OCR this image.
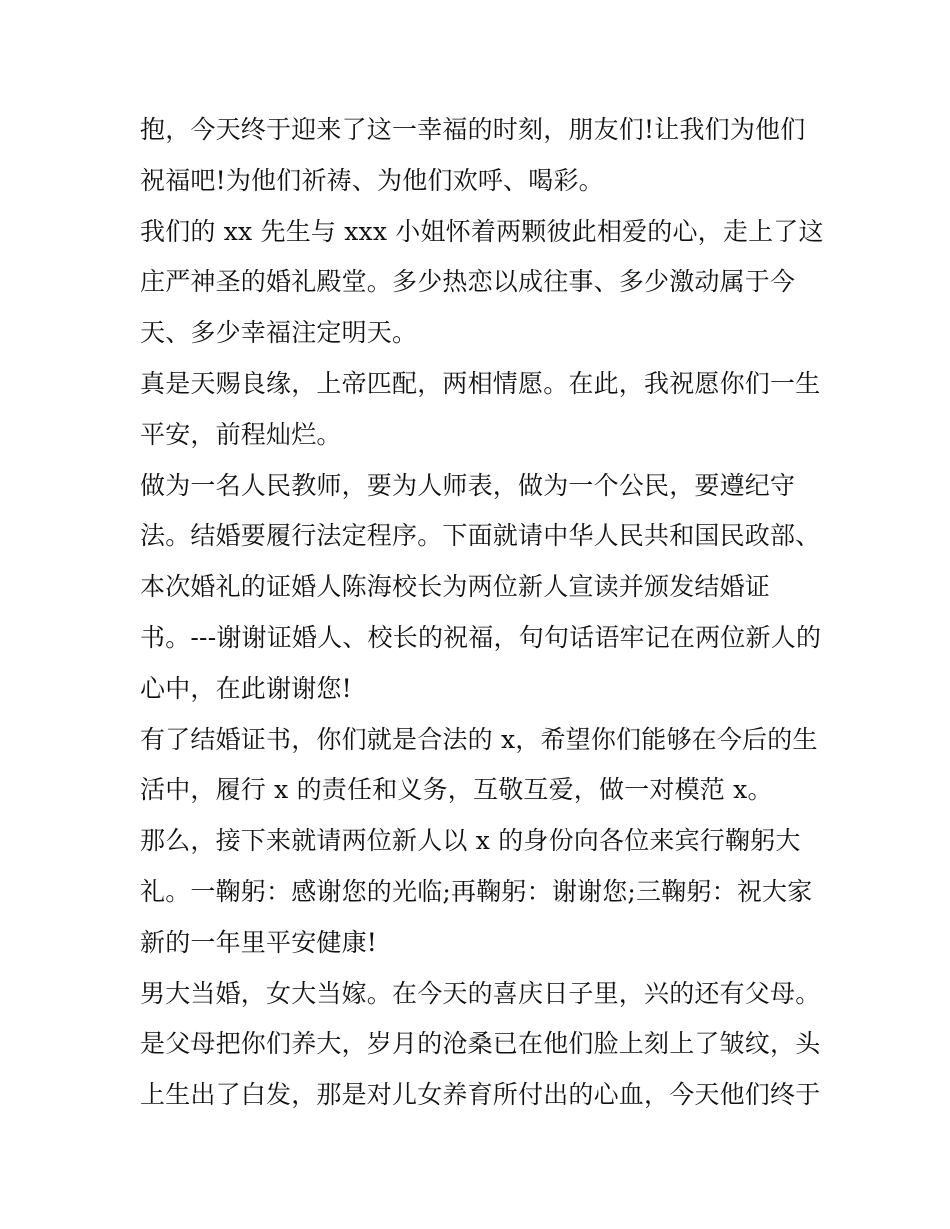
抱，今天终于迎来了这一幸福的时刻，朋友们!让我们为他们
祝福吧!为他们祈祷、为他们欢呼、喝彩。
我们的 xx 先生与 xxx 小姐怀着两颗彼此相爱的心，走上了这
庄严神圣的婚礼殿堂。多少热恋以成往事、多少激动属于今
天、多少幸福注定明天。
真是天赐良缘，上帝匹配，两相情愿。在此，我祝愿你们一生
平安，前程灿烂。
做为一名人民教师，要为人师表，做为一个公民，要遵纪守
法。结婚要履行法定程序。下面就请中华人民共和国民政部、
本次婚礼的证婚人陈海校长为两位新人宣读并颁发结婚证
书。---谢谢证婚人、校长的祝福，句句话语牢记在两位新人的
心中，在此谢谢您!
有了结婚证书，你们就是合法的 x，希望你们能够在今后的生
活中，履行 x 的责任和义务，互敬互爱，做一对模范 x。
那么，接下来就请两位新人以 x 的身份向各位来宾行鞠躬大
礼。一鞠躬：感谢您的光临;再鞠躬：谢谢您;三鞠躬：祝大家
新的一年里平安健康!
男大当婚，女大当嫁。在今天的喜庆日子里，兴的还有父母。
是父母把你们养大，岁月的沧桑已在他们脸上刻上了皱纹，头
上生出了白发，那是对儿女养育所付出的心血，今天他们终于
